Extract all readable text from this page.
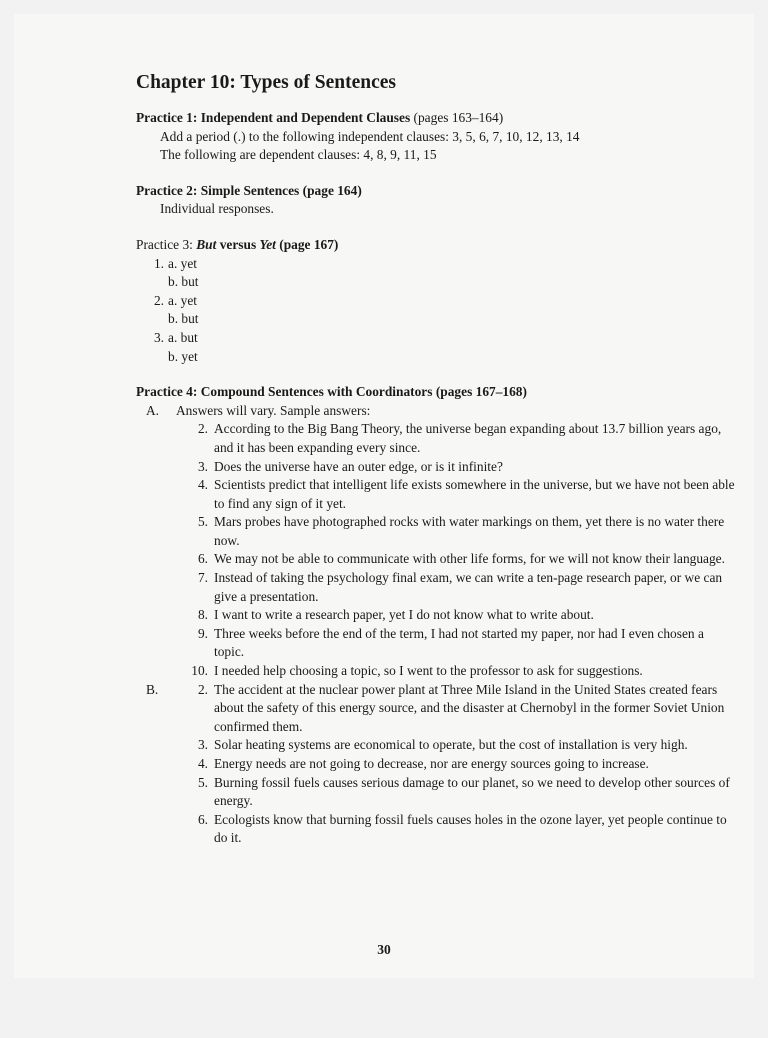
Chapter 10: Types of Sentences
Practice 1: Independent and Dependent Clauses (pages 163–164)
Add a period (.) to the following independent clauses: 3, 5, 6, 7, 10, 12, 13, 14
The following are dependent clauses: 4, 8, 9, 11, 15
Practice 2: Simple Sentences (page 164)
Individual responses.
Practice 3: But versus Yet (page 167)
1. a. yet
b. but
2. a. yet
b. but
3. a. but
b. yet
Practice 4: Compound Sentences with Coordinators (pages 167–168)
A.	Answers will vary. Sample answers:
2. According to the Big Bang Theory, the universe began expanding about 13.7 billion years ago, and it has been expanding every since.
3. Does the universe have an outer edge, or is it infinite?
4. Scientists predict that intelligent life exists somewhere in the universe, but we have not been able to find any sign of it yet.
5. Mars probes have photographed rocks with water markings on them, yet there is no water there now.
6. We may not be able to communicate with other life forms, for we will not know their language.
7. Instead of taking the psychology final exam, we can write a ten-page research paper, or we can give a presentation.
8. I want to write a research paper, yet I do not know what to write about.
9. Three weeks before the end of the term, I had not started my paper, nor had I even chosen a topic.
10. I needed help choosing a topic, so I went to the professor to ask for suggestions.
B.	2. The accident at the nuclear power plant at Three Mile Island in the United States created fears about the safety of this energy source, and the disaster at Chernobyl in the former Soviet Union confirmed them.
3. Solar heating systems are economical to operate, but the cost of installation is very high.
4. Energy needs are not going to decrease, nor are energy sources going to increase.
5. Burning fossil fuels causes serious damage to our planet, so we need to develop other sources of energy.
6. Ecologists know that burning fossil fuels causes holes in the ozone layer, yet people continue to do it.
30
